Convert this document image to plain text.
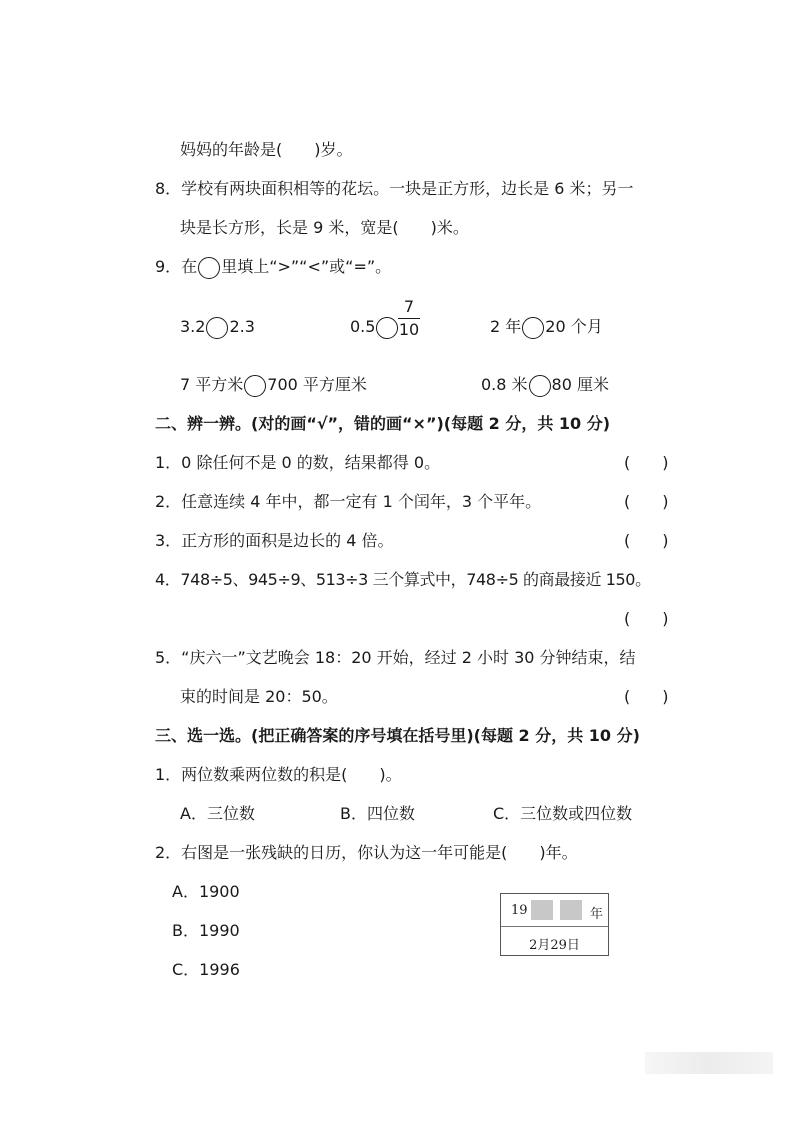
妈妈的年龄是(　　)岁。
8．学校有两块面积相等的花坛。一块是正方形，边长是 6 米；另一
块是长方形，长是 9 米，宽是(　　)米。
9．在 里填上“>”“<”或“=”。
3.2 2.3	0.5
7
10	2 年 20 个月
7 平方米 700 平方厘米	0.8 米 80 厘米
二、辨一辨。(对的画“√”，错的画“×”)(每题 2 分，共 10 分)
1．0 除任何不是 0 的数，结果都得 0。	(　　)
2．任意连续 4 年中，都一定有 1 个闰年，3 个平年。	(　　)
3．正方形的面积是边长的 4 倍。	(　　)
4．748÷5、945÷9、513÷3 三个算式中，748÷5 的商最接近 150。
(　　)
5．“庆六一”文艺晚会 18：20 开始，经过 2 小时 30 分钟结束，结
束的时间是 20：50。	(　　)
三、选一选。(把正确答案的序号填在括号里)(每题 2 分，共 10 分)
1．两位数乘两位数的积是(　　)。
A．三位数	B．四位数	C．三位数或四位数
2．右图是一张残缺的日历，你认为这一年可能是(　　)年。
A．1900
B．1990
C．1996
19	年
2月29日
